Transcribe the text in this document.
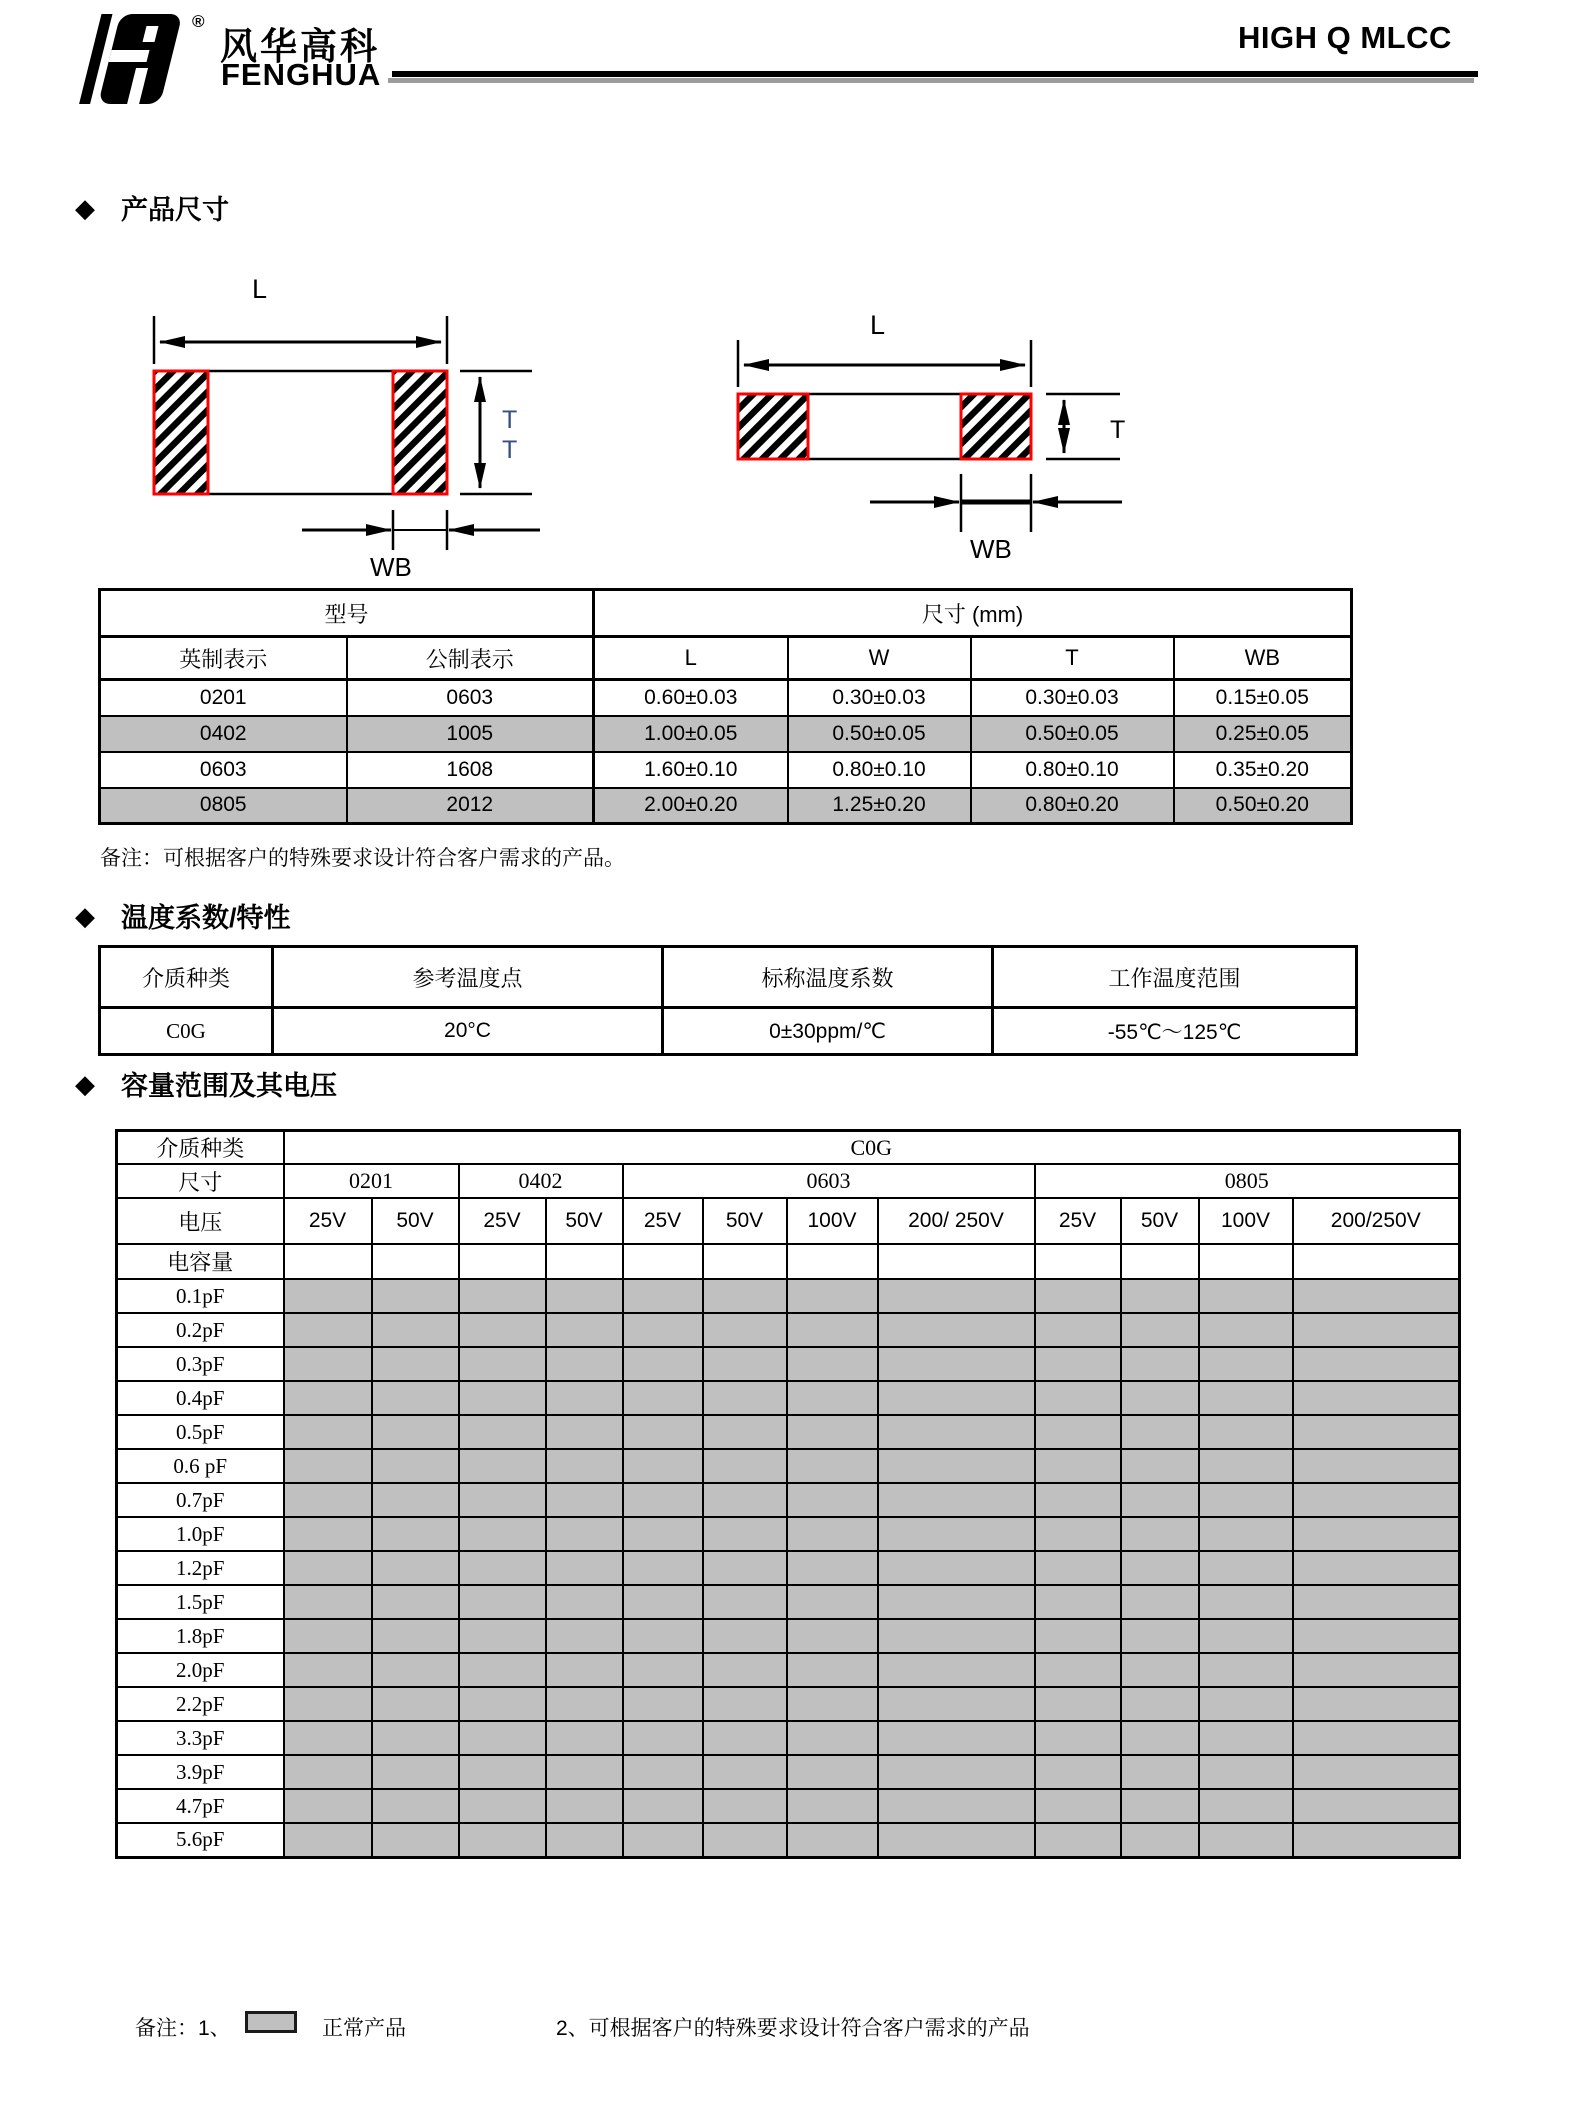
®
风华高科
FENGHUA
HIGH Q MLCC
◆ 产品尺寸
L
T
T
WB
L
T
WB
型号		尺寸 (mm)			
英制表示	公制表示	L	W	T	WB
0201	0603	0.60±0.03	0.30±0.03	0.30±0.03	0.15±0.05
0402	1005	1.00±0.05	0.50±0.05	0.50±0.05	0.25±0.05
0603	1608	1.60±0.10	0.80±0.10	0.80±0.10	0.35±0.20
0805	2012	2.00±0.20	1.25±0.20	0.80±0.20	0.50±0.20
备注：可根据客户的特殊要求设计符合客户需求的产品。
◆ 温度系数/特性
介质种类	参考温度点	标称温度系数	工作温度范围
C0G	20°C	0±30ppm/℃	-55℃～125℃
◆ 容量范围及其电压
介质种类	C0G											
尺寸	0201		0402		0603				0805			
电压	25V	50V	25V	50V	25V	50V	100V	200/ 250V	25V	50V	100V	200/250V
电容量												
0.1pF												
0.2pF												
0.3pF												
0.4pF												
0.5pF												
0.6 pF												
0.7pF												
1.0pF												
1.2pF												
1.5pF												
1.8pF												
2.0pF												
2.2pF												
3.3pF												
3.9pF												
4.7pF												
5.6pF												
备注：1、	正常产品	2、可根据客户的特殊要求设计符合客户需求的产品
